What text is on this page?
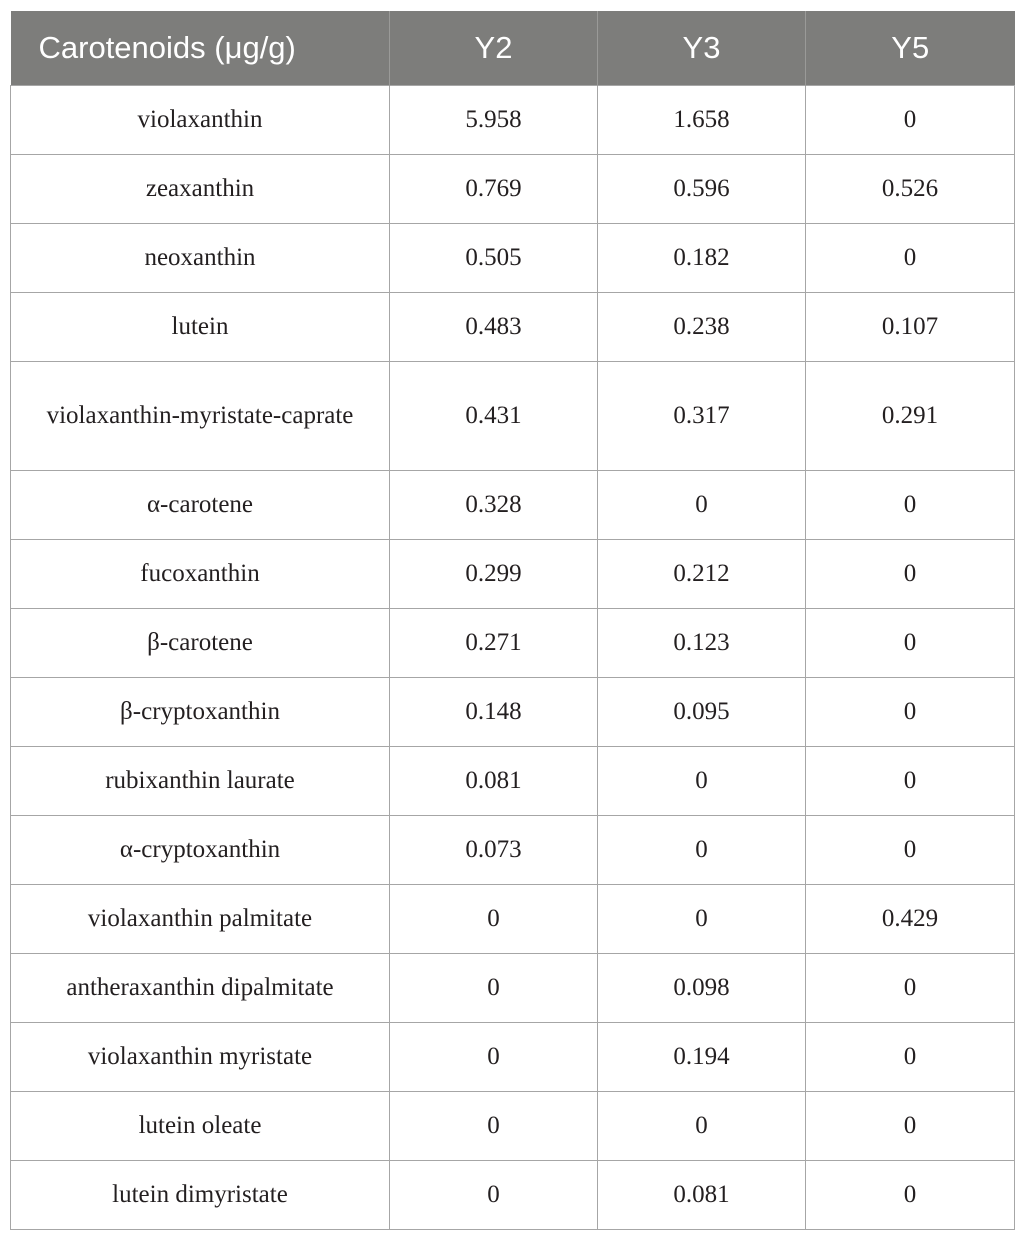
Carotenoids (μg/g)	Y2	Y3	Y5
violaxanthin	5.958	1.658	0
zeaxanthin	0.769	0.596	0.526
neoxanthin	0.505	0.182	0
lutein	0.483	0.238	0.107
violaxanthin-myristate-caprate	0.431	0.317	0.291
α-carotene	0.328	0	0
fucoxanthin	0.299	0.212	0
β-carotene	0.271	0.123	0
β-cryptoxanthin	0.148	0.095	0
rubixanthin laurate	0.081	0	0
α-cryptoxanthin	0.073	0	0
violaxanthin palmitate	0	0	0.429
antheraxanthin dipalmitate	0	0.098	0
violaxanthin myristate	0	0.194	0
lutein oleate	0	0	0
lutein dimyristate	0	0.081	0
